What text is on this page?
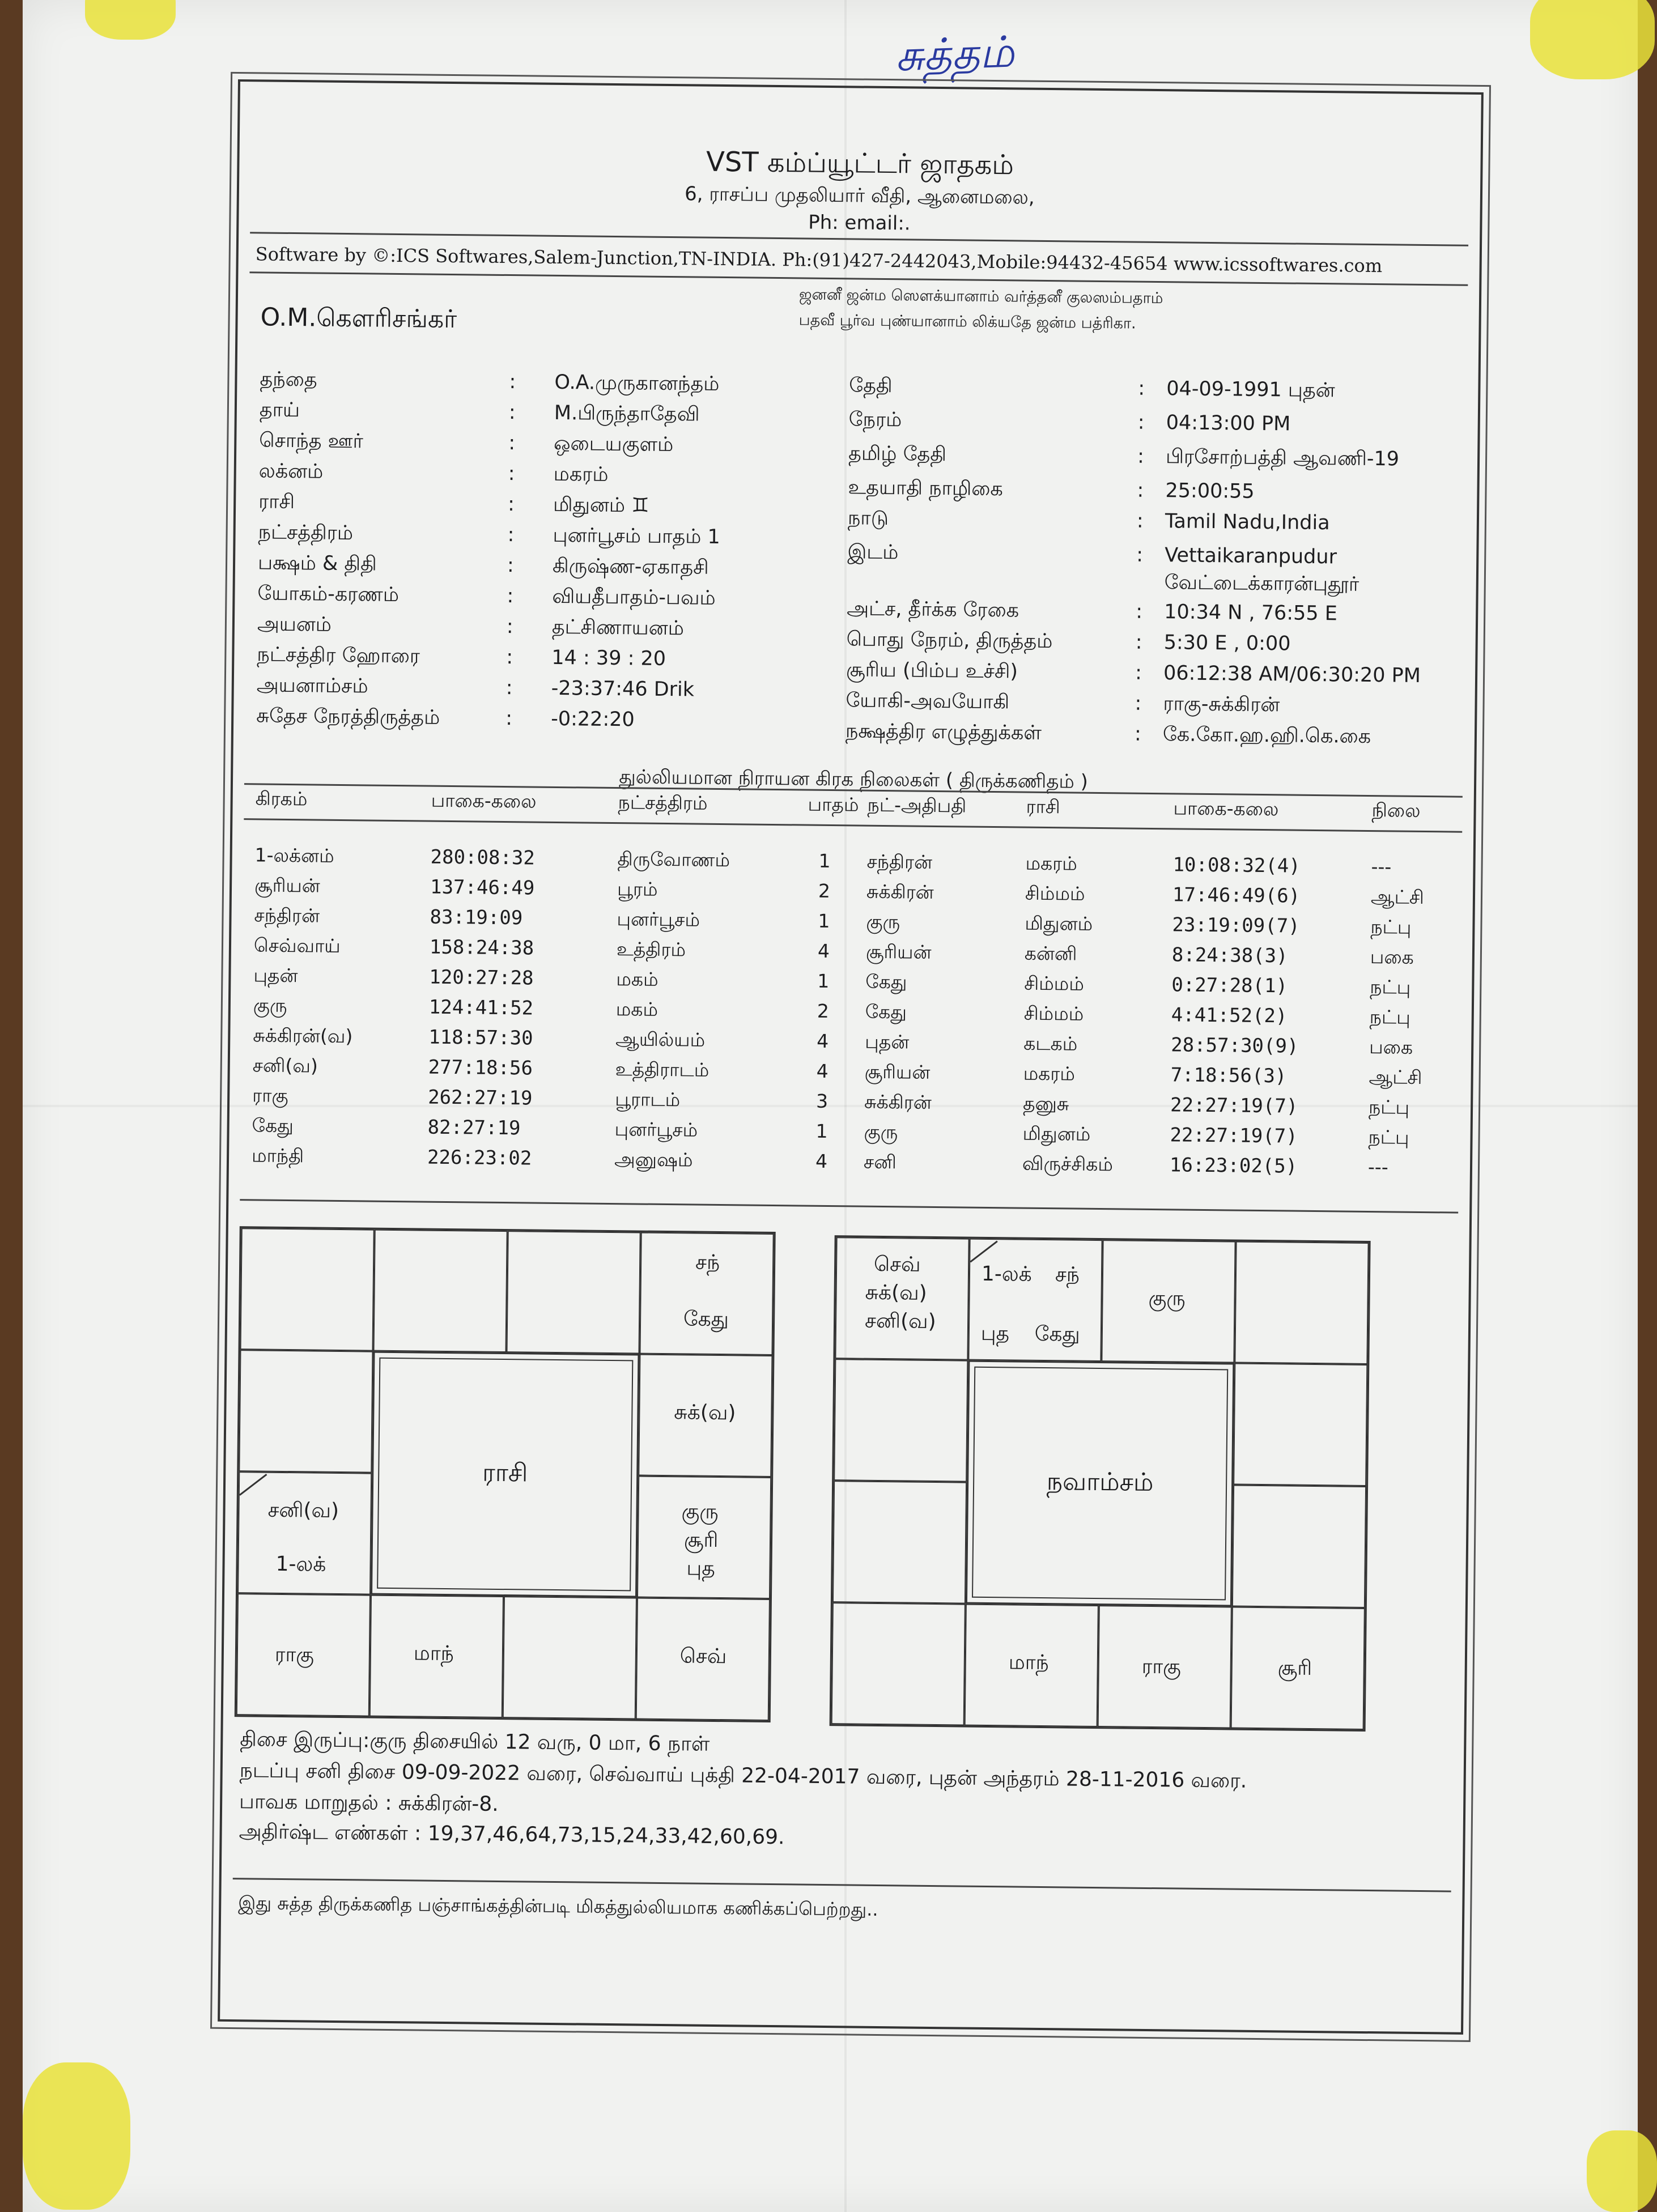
சுத்தம்
VST கம்ப்யூட்டர் ஜாதகம்
6, ராசப்ப முதலியார் வீதி, ஆனைமலை,
Ph: email:.
Software by ©:ICS Softwares,Salem-Junction,TN-INDIA. Ph:(91)427-2442043,Mobile:94432-45654 www.icssoftwares.com
O.M.கௌரிசங்கர்
ஜனனீ ஜன்ம ஸௌக்யானாம் வர்த்தனீ குலஸம்பதாம்
பதவீ பூர்வ புண்யானாம் லிக்யதே ஜன்ம பத்ரிகா.
தந்தை	: O.A.முருகானந்தம்
தாய்	: M.பிருந்தாதேவி
சொந்த ஊர்	: ஒடையகுளம்
லக்னம்	: மகரம்
ராசி	: மிதுனம் ♊
நட்சத்திரம்	: புனர்பூசம் பாதம் 1
பக்ஷம் & திதி	: கிருஷ்ண-ஏகாதசி
யோகம்-கரணம்	: வியதீபாதம்-பவம்
அயனம்	: தட்சிணாயனம்
நட்சத்திர ஹோரை	: 14 : 39 : 20
அயனாம்சம்	: -23:37:46 Drik
சுதேச நேரத்திருத்தம்	: -0:22:20
தேதி	: 04-09-1991 புதன்
நேரம்	: 04:13:00 PM
தமிழ் தேதி	: பிரசோற்பத்தி ஆவணி-19
உதயாதி நாழிகை	: 25:00:55
நாடு	: Tamil Nadu,India
இடம்	: Vettaikaranpudur
வேட்டைக்காரன்புதூர்
அட்ச, தீர்க்க ரேகை	: 10:34 N , 76:55 E
பொது நேரம், திருத்தம்	: 5:30 E , 0:00
சூரிய (பிம்ப உச்சி)	: 06:12:38 AM/06:30:20 PM
யோகி-அவயோகி	: ராகு-சுக்கிரன்
நக்ஷத்திர எழுத்துக்கள்	: கே.கோ.ஹ.ஹி.கெ.கை
துல்லியமான நிராயன கிரக நிலைகள் ( திருக்கணிதம் )
கிரகம்	பாகை-கலை	நட்சத்திரம்	பாதம் நட்-அதிபதி	ராசி	பாகை-கலை	நிலை
1-லக்னம்	280:08:32	திருவோணம்	1 சந்திரன்	மகரம்	10:08:32(4)	---
சூரியன்	137:46:49	பூரம்	2 சுக்கிரன்	சிம்மம்	17:46:49(6)	ஆட்சி
சந்திரன்	83:19:09	புனர்பூசம்	1 குரு	மிதுனம்	23:19:09(7)	நட்பு
செவ்வாய்	158:24:38	உத்திரம்	4 சூரியன்	கன்னி	8:24:38(3)	பகை
புதன்	120:27:28	மகம்	1 கேது	சிம்மம்	0:27:28(1)	நட்பு
குரு	124:41:52	மகம்	2 கேது	சிம்மம்	4:41:52(2)	நட்பு
சுக்கிரன்(வ)	118:57:30	ஆயில்யம்	4 புதன்	கடகம்	28:57:30(9)	பகை
சனி(வ)	277:18:56	உத்திராடம்	4 சூரியன்	மகரம்	7:18:56(3)	ஆட்சி
ராகு	262:27:19	பூராடம்	3 சுக்கிரன்	தனுசு	22:27:19(7)	நட்பு
கேது	82:27:19	புனர்பூசம்	1 குரு	மிதுனம்	22:27:19(7)	நட்பு
மாந்தி	226:23:02	அனுஷம்	4 சனி	விருச்சிகம்	16:23:02(5)	---
சந்
கேது
சனி(வ)
1-லக்
சுக்(வ)
குரு
சூரி
புத
ராகு	மாந்	செவ்
ராசி
செவ்
சுக்(வ)
சனி(வ)
1-லக் சந்
புத கேது
குரு
மாந்	ராகு	சூரி
நவாம்சம்
திசை இருப்பு:குரு திசையில் 12 வரு, 0 மா, 6 நாள்
நடப்பு சனி திசை 09-09-2022 வரை, செவ்வாய் புக்தி 22-04-2017 வரை, புதன் அந்தரம் 28-11-2016 வரை.
பாவக மாறுதல் : சுக்கிரன்-8.
அதிர்ஷ்ட எண்கள் : 19,37,46,64,73,15,24,33,42,60,69.
இது சுத்த திருக்கணித பஞ்சாங்கத்தின்படி மிகத்துல்லியமாக கணிக்கப்பெற்றது..
